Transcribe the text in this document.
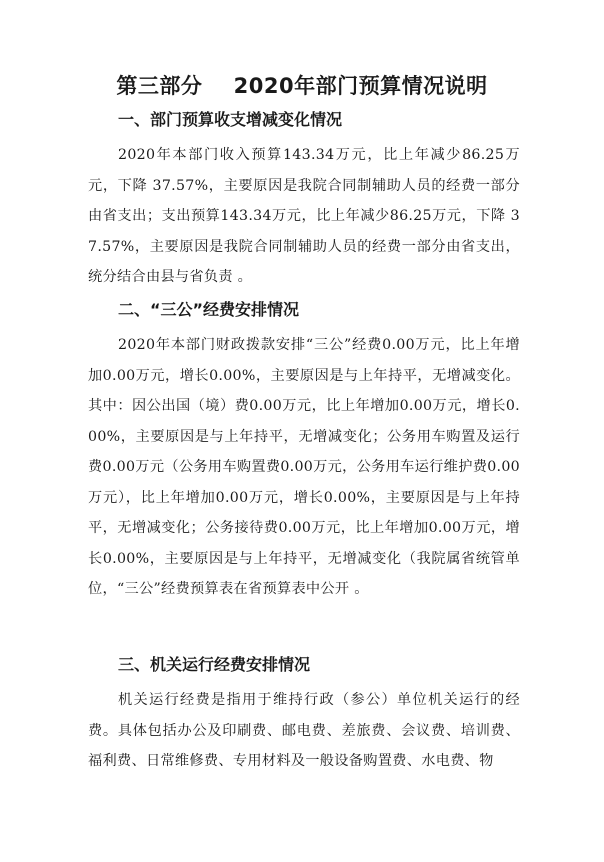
第三部分    2020年部门预算情况说明
一、部门预算收支增减变化情况
2020年本部门收入预算143.34万元，比上年减少86.25万元，下降 37.57%，主要原因是我院合同制辅助人员的经费一部分由省支出；支出预算143.34万元，比上年减少86.25万元，下降 37.57%，主要原因是我院合同制辅助人员的经费一部分由省支出，统分结合由县与省负责 。
二、“三公”经费安排情况
2020年本部门财政拨款安排“三公”经费0.00万元，比上年增加0.00万元，增长0.00%，主要原因是与上年持平，无增减变化。其中：因公出国（境）费0.00万元，比上年增加0.00万元，增长0.00%，主要原因是与上年持平，无增减变化；公务用车购置及运行费0.00万元（公务用车购置费0.00万元，公务用车运行维护费0.00万元），比上年增加0.00万元，增长0.00%，主要原因是与上年持平，无增减变化；公务接待费0.00万元，比上年增加0.00万元，增长0.00%，主要原因是与上年持平，无增减变化（我院属省统管单位，“三公”经费预算表在省预算表中公开 。
三、机关运行经费安排情况
机关运行经费是指用于维持行政（参公）单位机关运行的经费。具体包括办公及印刷费、邮电费、差旅费、会议费、培训费、福利费、日常维修费、专用材料及一般设备购置费、水电费、物
